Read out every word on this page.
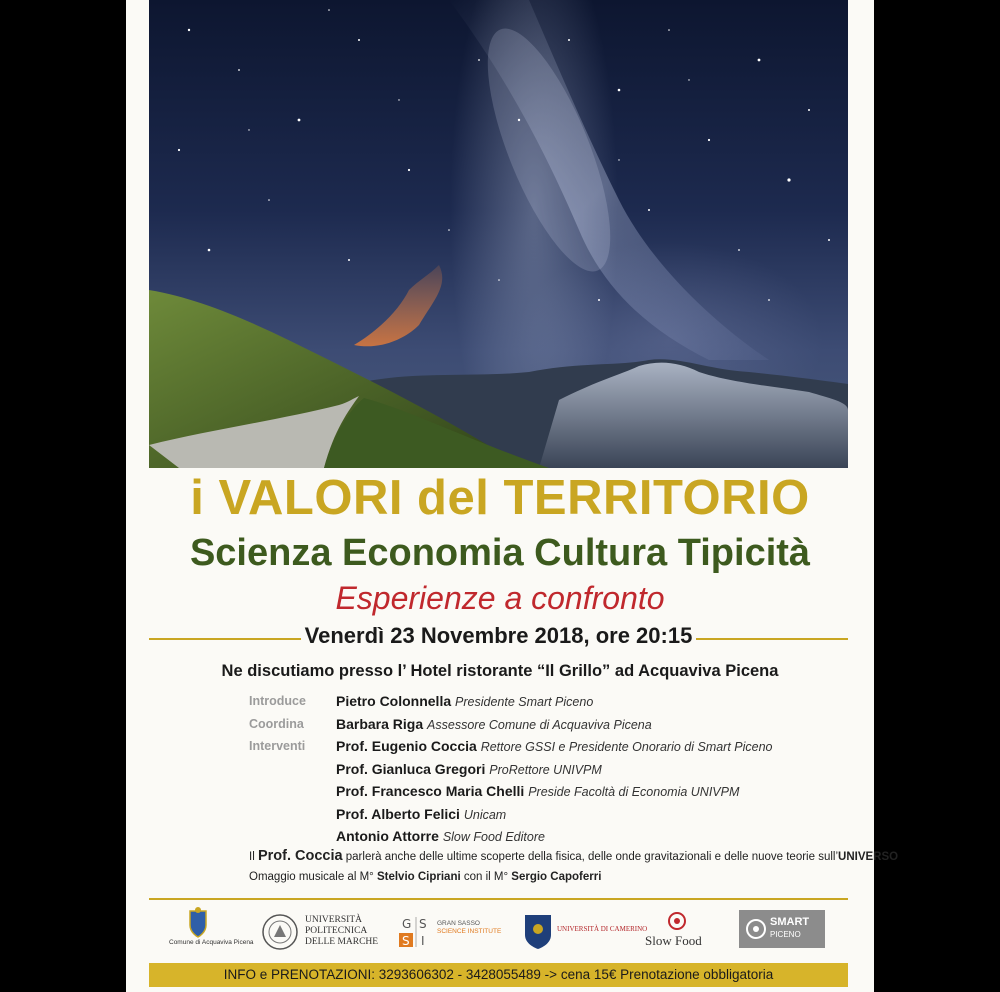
i VALORI del TERRITORIO
Scienza Economia Cultura Tipicità
Esperienze a confronto
Venerdì 23 Novembre 2018, ore 20:15
Ne discutiamo presso l’ Hotel ristorante “Il Grillo” ad Acquaviva Picena
Introduce	Pietro Colonnella Presidente Smart Piceno
Coordina	Barbara Riga Assessore Comune di Acquaviva Picena
Interventi	Prof. Eugenio Coccia Rettore GSSI e Presidente Onorario di Smart Piceno
Prof. Gianluca Gregori ProRettore UNIVPM
Prof. Francesco Maria Chelli Preside Facoltà di Economia UNIVPM
Prof. Alberto Felici Unicam
Antonio Attorre Slow Food Editore
Il Prof. Coccia parlerà anche delle ultime scoperte della fisica, delle onde gravitazionali e delle nuove teorie sull’UNIVERSO
Omaggio musicale al M° Stelvio Cipriani con il M° Sergio Capoferri
Comune di Acquaviva Picena
UNIVERSITÀ
POLITECNICA
DELLE MARCHE
G S
S I
GRAN SASSO
SCIENCE INSTITUTE	UNIVERSITÀ DI CAMERINO
Slow Food
SMART
PICENO
INFO e PRENOTAZIONI: 3293606302 - 3428055489 -> cena 15€ Prenotazione obbligatoria
